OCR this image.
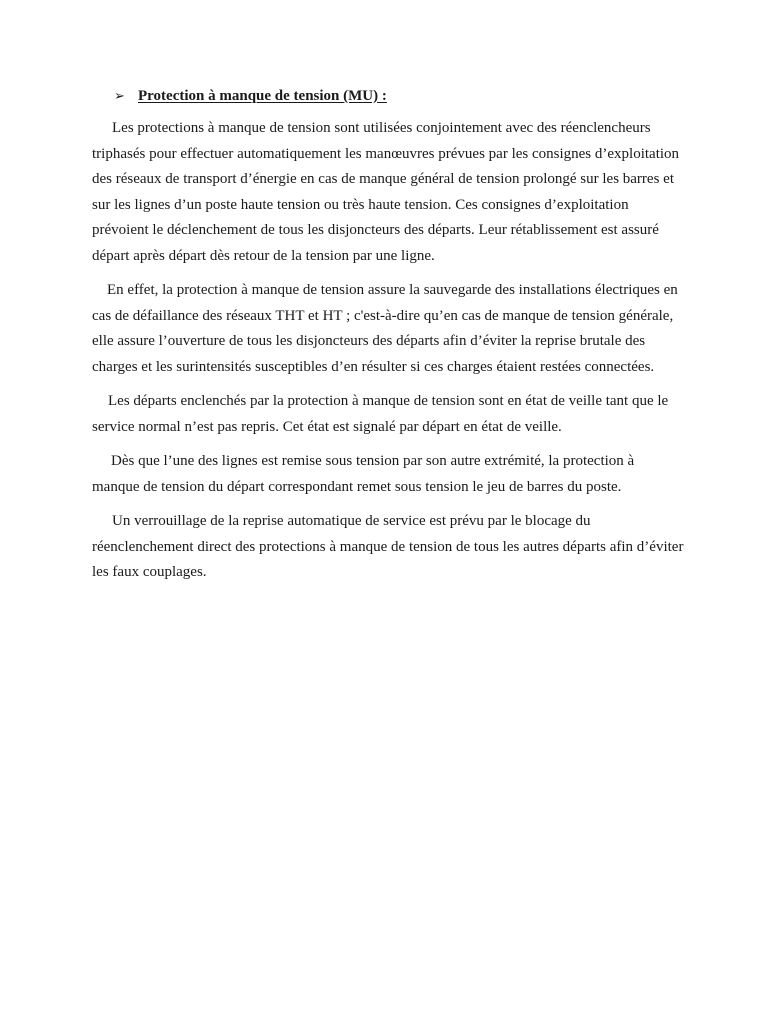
➢ Protection à manque de tension (MU) :

Les protections à manque de tension sont utilisées conjointement avec des réenclencheurs triphasés pour effectuer automatiquement les manœuvres prévues par les consignes d’exploitation des réseaux de transport d’énergie en cas de manque général de tension prolongé sur les barres et sur les lignes d’un poste haute tension ou très haute tension. Ces consignes d’exploitation prévoient le déclenchement de tous les disjoncteurs des départs. Leur rétablissement est assuré départ après départ dès retour de la tension par une ligne.

En effet, la protection à manque de tension assure la sauvegarde des installations électriques en cas de défaillance des réseaux THT et HT ; c'est-à-dire qu’en cas de manque de tension générale, elle assure l’ouverture de tous les disjoncteurs des départs afin d’éviter la reprise brutale des charges et les surintensités susceptibles d’en résulter si ces charges étaient restées connectées.

Les départs enclenchés par la protection à manque de tension sont en état de veille tant que le service normal n’est pas repris. Cet état est signalé par départ en état de veille.

Dès que l’une des lignes est remise sous tension par son autre extrémité, la protection à manque de tension du départ correspondant remet sous tension le jeu de barres du poste.

Un verrouillage de la reprise automatique de service est prévu par le blocage du réenclenchement direct des protections à manque de tension de tous les autres départs afin d’éviter les faux couplages.
